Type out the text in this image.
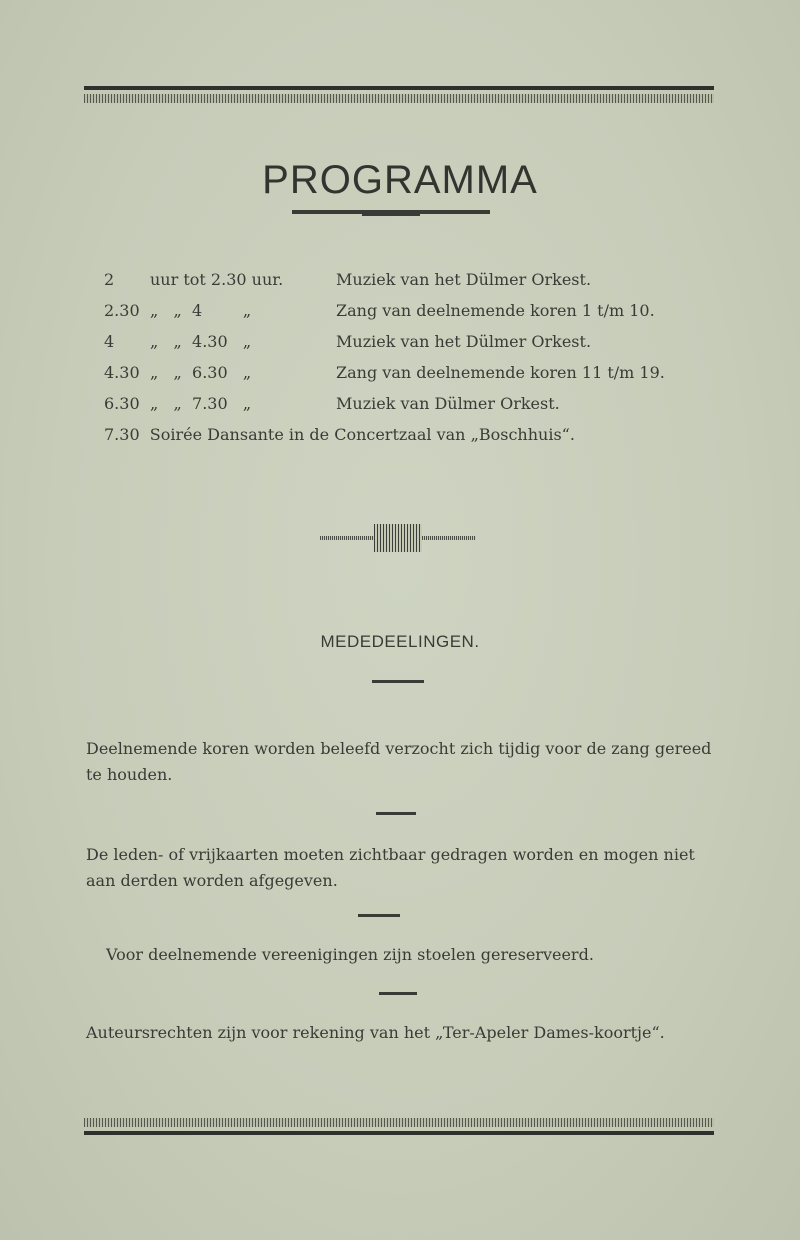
PROGRAMMA
2 uur tot 2.30 uur.	Muziek van het Dülmer Orkest.
2.30 „   „  4        „	Zang van deelnemende koren 1 t/m 10.
4 „   „  4.30   „	Muziek van het Dülmer Orkest.
4.30 „   „  6.30   „	Zang van deelnemende koren 11 t/m 19.
6.30 „   „  7.30   „	Muziek van Dülmer Orkest.
7.30  Soirée Dansante in de Concertzaal van „Boschhuis“.
MEDEDEELINGEN.
Deelnemende koren worden beleefd verzocht zich tijdig voor de zang gereed te houden.
De leden- of vrijkaarten moeten zichtbaar gedragen worden en mogen niet aan derden worden afgegeven.
Voor deelnemende vereenigingen zijn stoelen gereserveerd.
Auteursrechten zijn voor rekening van het „Ter-Apeler Dames-koortje“.
